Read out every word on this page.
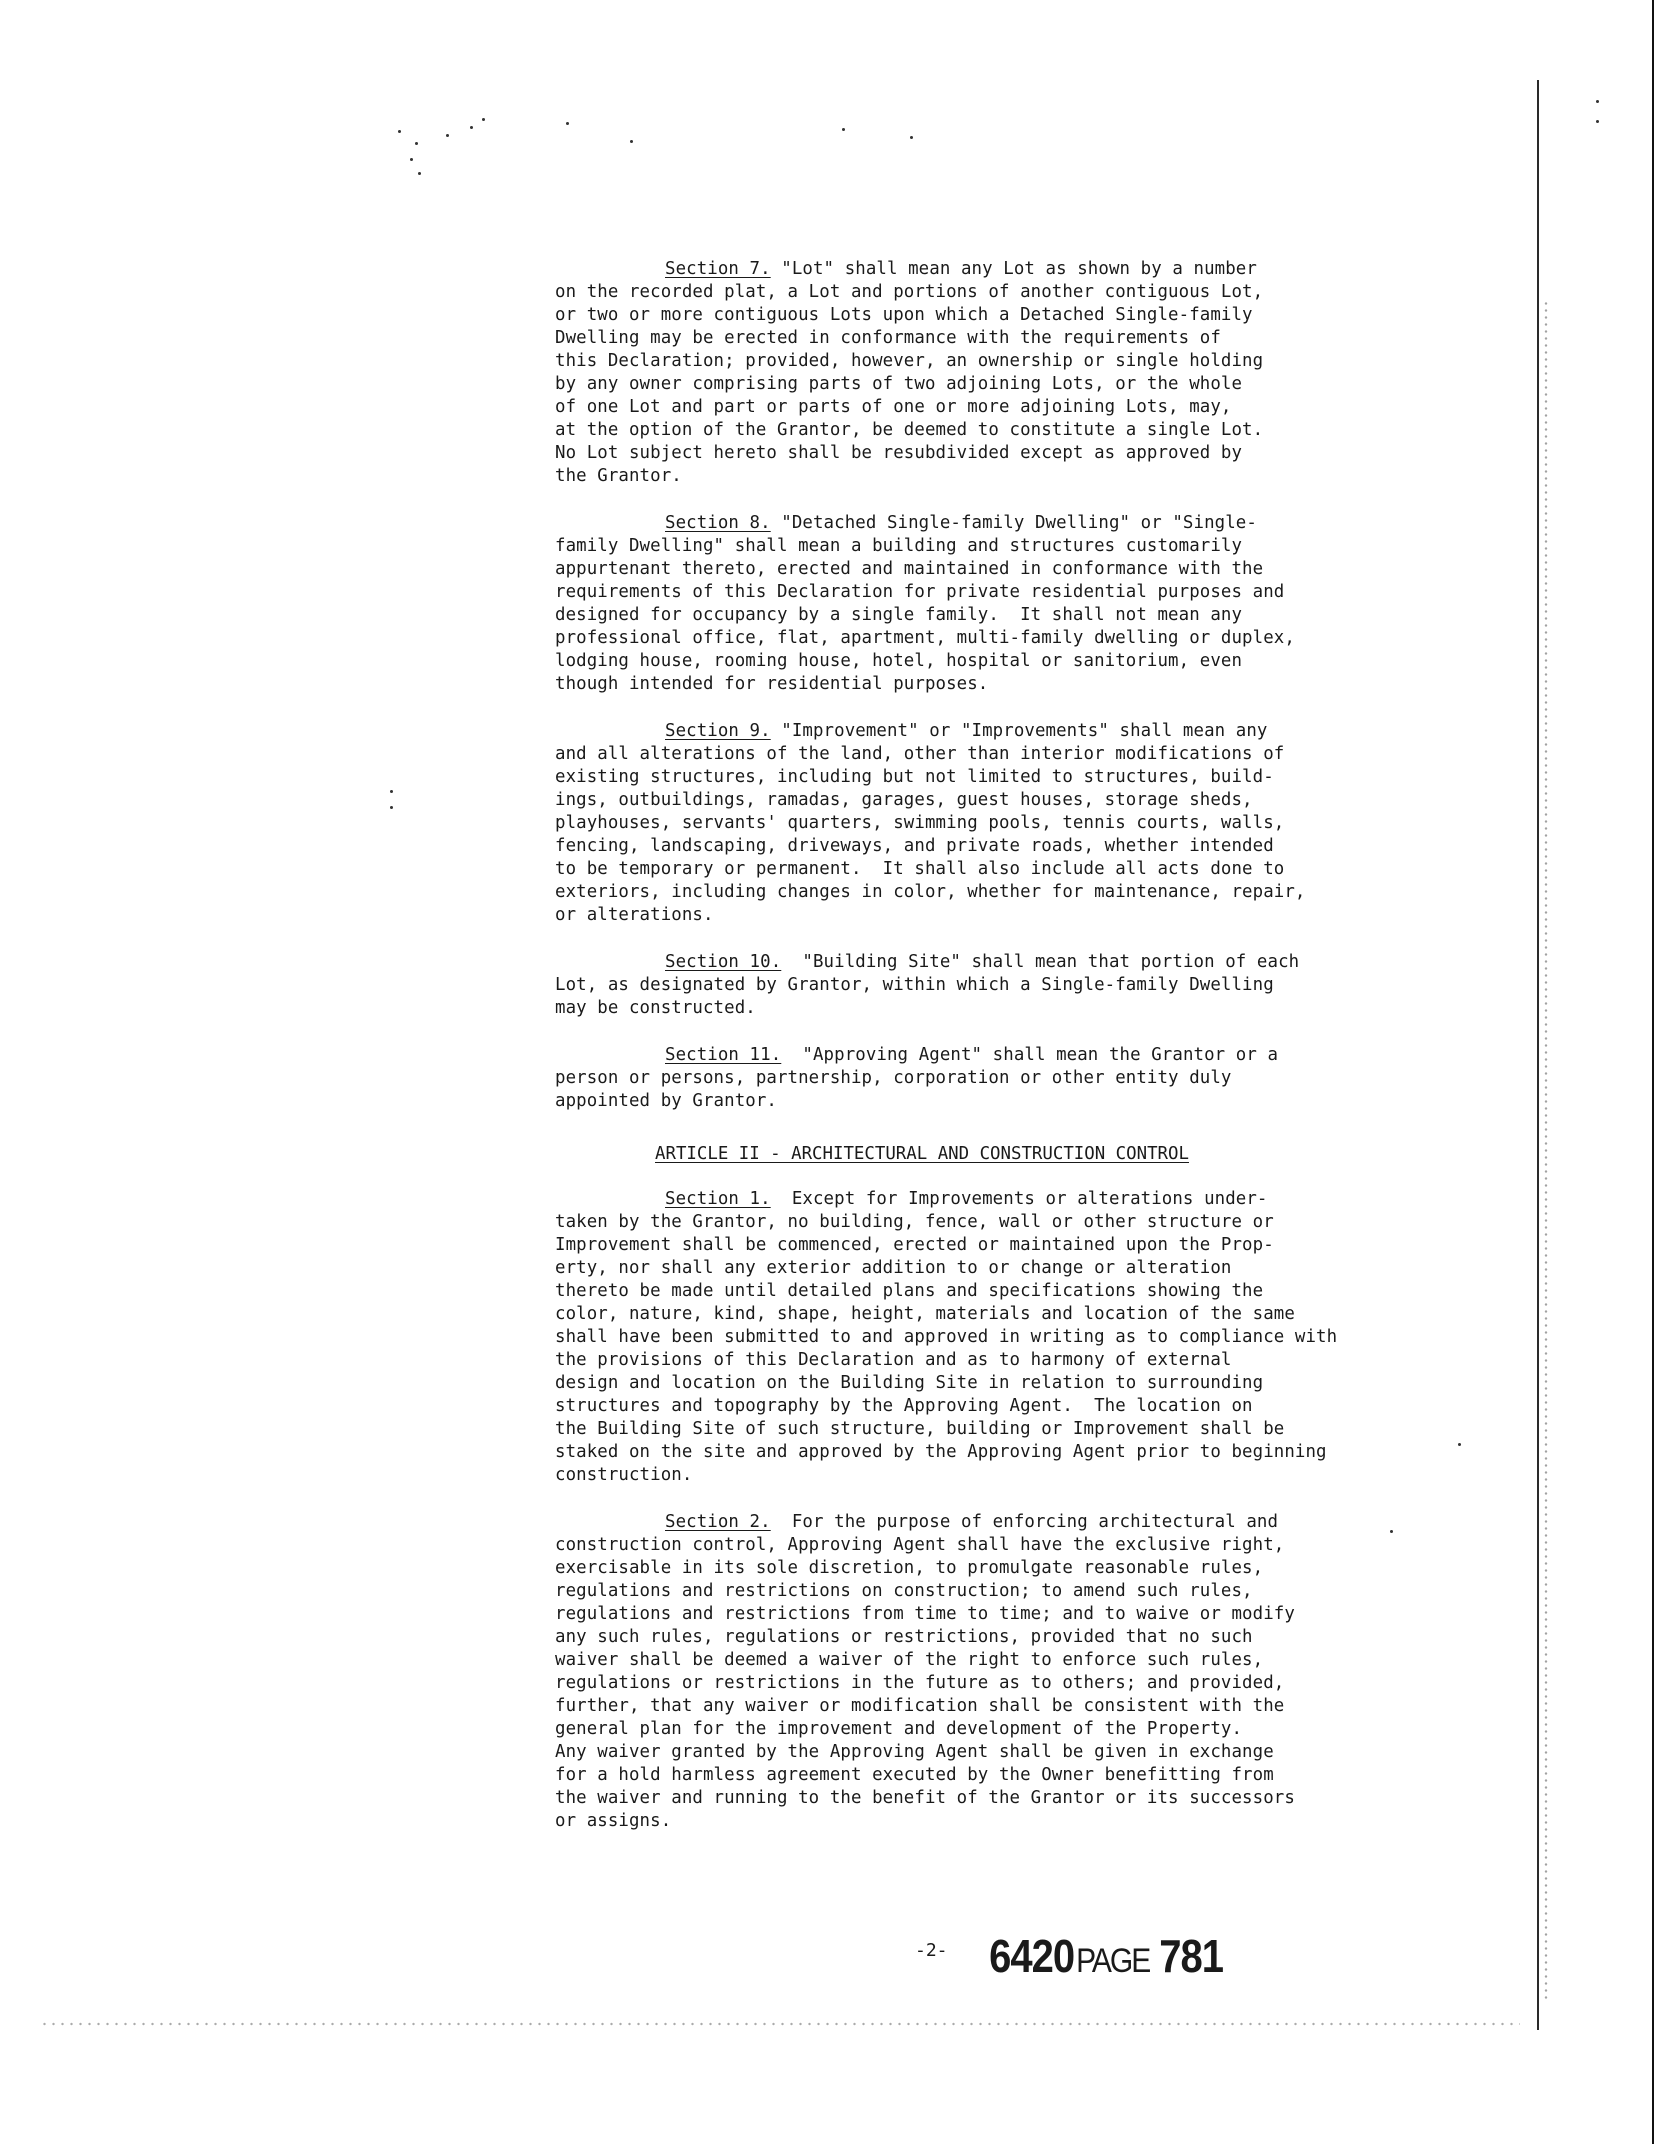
Section 7. "Lot" shall mean any Lot as shown by a number
on the recorded plat, a Lot and portions of another contiguous Lot,
or two or more contiguous Lots upon which a Detached Single-family
Dwelling may be erected in conformance with the requirements of
this Declaration; provided, however, an ownership or single holding
by any owner comprising parts of two adjoining Lots, or the whole
of one Lot and part or parts of one or more adjoining Lots, may,
at the option of the Grantor, be deemed to constitute a single Lot.
No Lot subject hereto shall be resubdivided except as approved by
the Grantor.
Section 8. "Detached Single-family Dwelling" or "Single-
family Dwelling" shall mean a building and structures customarily
appurtenant thereto, erected and maintained in conformance with the
requirements of this Declaration for private residential purposes and
designed for occupancy by a single family.  It shall not mean any
professional office, flat, apartment, multi-family dwelling or duplex,
lodging house, rooming house, hotel, hospital or sanitorium, even
though intended for residential purposes.
Section 9. "Improvement" or "Improvements" shall mean any
and all alterations of the land, other than interior modifications of
existing structures, including but not limited to structures, build-
ings, outbuildings, ramadas, garages, guest houses, storage sheds,
playhouses, servants' quarters, swimming pools, tennis courts, walls,
fencing, landscaping, driveways, and private roads, whether intended
to be temporary or permanent.  It shall also include all acts done to
exteriors, including changes in color, whether for maintenance, repair,
or alterations.
Section 10.  "Building Site" shall mean that portion of each
Lot, as designated by Grantor, within which a Single-family Dwelling
may be constructed.
Section 11.  "Approving Agent" shall mean the Grantor or a
person or persons, partnership, corporation or other entity duly
appointed by Grantor.
ARTICLE II - ARCHITECTURAL AND CONSTRUCTION CONTROL
Section 1.  Except for Improvements or alterations under-
taken by the Grantor, no building, fence, wall or other structure or
Improvement shall be commenced, erected or maintained upon the Prop-
erty, nor shall any exterior addition to or change or alteration
thereto be made until detailed plans and specifications showing the
color, nature, kind, shape, height, materials and location of the same
shall have been submitted to and approved in writing as to compliance with
the provisions of this Declaration and as to harmony of external
design and location on the Building Site in relation to surrounding
structures and topography by the Approving Agent.  The location on
the Building Site of such structure, building or Improvement shall be
staked on the site and approved by the Approving Agent prior to beginning
construction.
Section 2.  For the purpose of enforcing architectural and
construction control, Approving Agent shall have the exclusive right,
exercisable in its sole discretion, to promulgate reasonable rules,
regulations and restrictions on construction; to amend such rules,
regulations and restrictions from time to time; and to waive or modify
any such rules, regulations or restrictions, provided that no such
waiver shall be deemed a waiver of the right to enforce such rules,
regulations or restrictions in the future as to others; and provided,
further, that any waiver or modification shall be consistent with the
general plan for the improvement and development of the Property.
Any waiver granted by the Approving Agent shall be given in exchange
for a hold harmless agreement executed by the Owner benefitting from
the waiver and running to the benefit of the Grantor or its successors
or assigns.
-2- 6420PAGE 781
